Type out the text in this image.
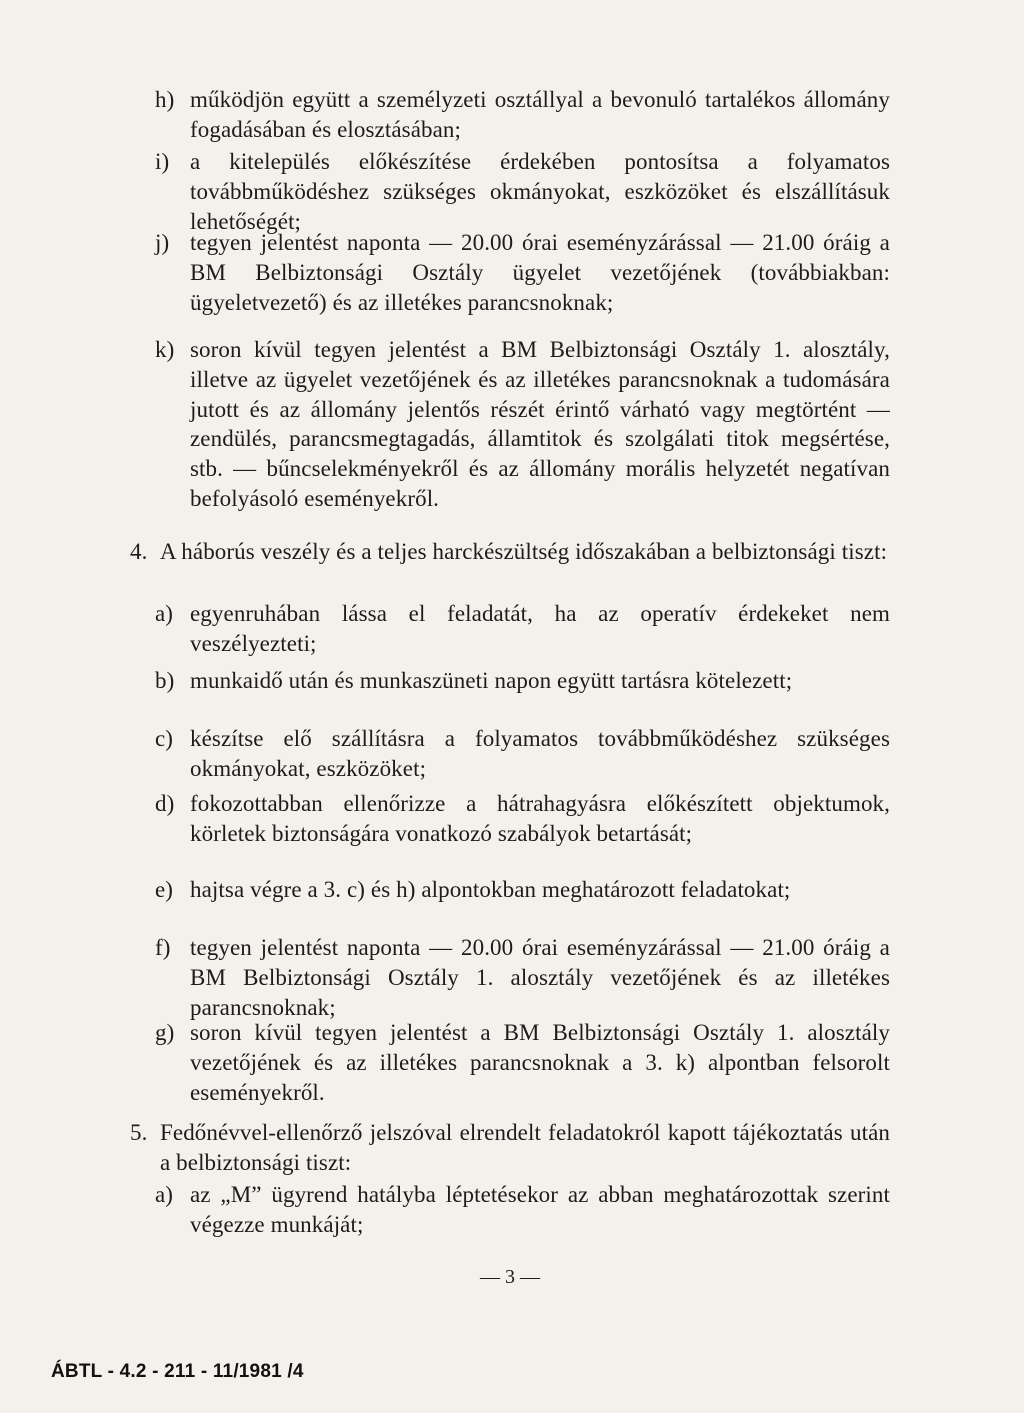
h) működjön együtt a személyzeti osztállyal a bevonuló tartalékos állomány fogadásában és elosztásában;
i) a kitelepülés előkészítése érdekében pontosítsa a folyamatos továbbműködéshez szükséges okmányokat, eszközöket és elszállításuk lehetőségét;
j) tegyen jelentést naponta — 20.00 órai eseményzárással — 21.00 óráig a BM Belbiztonsági Osztály ügyelet vezetőjének (továbbiakban: ügyeletvezető) és az illetékes parancsnoknak;
k) soron kívül tegyen jelentést a BM Belbiztonsági Osztály 1. alosztály, illetve az ügyelet vezetőjének és az illetékes parancsnoknak a tudomására jutott és az állomány jelentős részét érintő várható vagy megtörtént — zendülés, parancsmegtagadás, államtitok és szolgálati titok megsértése, stb. — bűncselekményekről és az állomány morális helyzetét negatívan befolyásoló eseményekről.
4. A háborús veszély és a teljes harckészültség időszakában a belbiztonsági tiszt:
a) egyenruhában lássa el feladatát, ha az operatív érdekeket nem veszélyezteti;
b) munkaidő után és munkaszüneti napon együtt tartásra kötelezett;
c) készítse elő szállításra a folyamatos továbbműködéshez szükséges okmányokat, eszközöket;
d) fokozottabban ellenőrizze a hátrahagyásra előkészített objektumok, körletek biztonságára vonatkozó szabályok betartását;
e) hajtsa végre a 3. c) és h) alpontokban meghatározott feladatokat;
f) tegyen jelentést naponta — 20.00 órai eseményzárással — 21.00 óráig a BM Belbiztonsági Osztály 1. alosztály vezetőjének és az illetékes parancsnoknak;
g) soron kívül tegyen jelentést a BM Belbiztonsági Osztály 1. alosztály vezetőjének és az illetékes parancsnoknak a 3. k) alpontban felsorolt eseményekről.
5. Fedőnévvel-ellenőrző jelszóval elrendelt feladatokról kapott tájékoztatás után a belbiztonsági tiszt:
a) az „M” ügyrend hatályba léptetésekor az abban meghatározottak szerint végezze munkáját;
— 3 —
ÁBTL - 4.2 - 211 - 11/1981 /4
